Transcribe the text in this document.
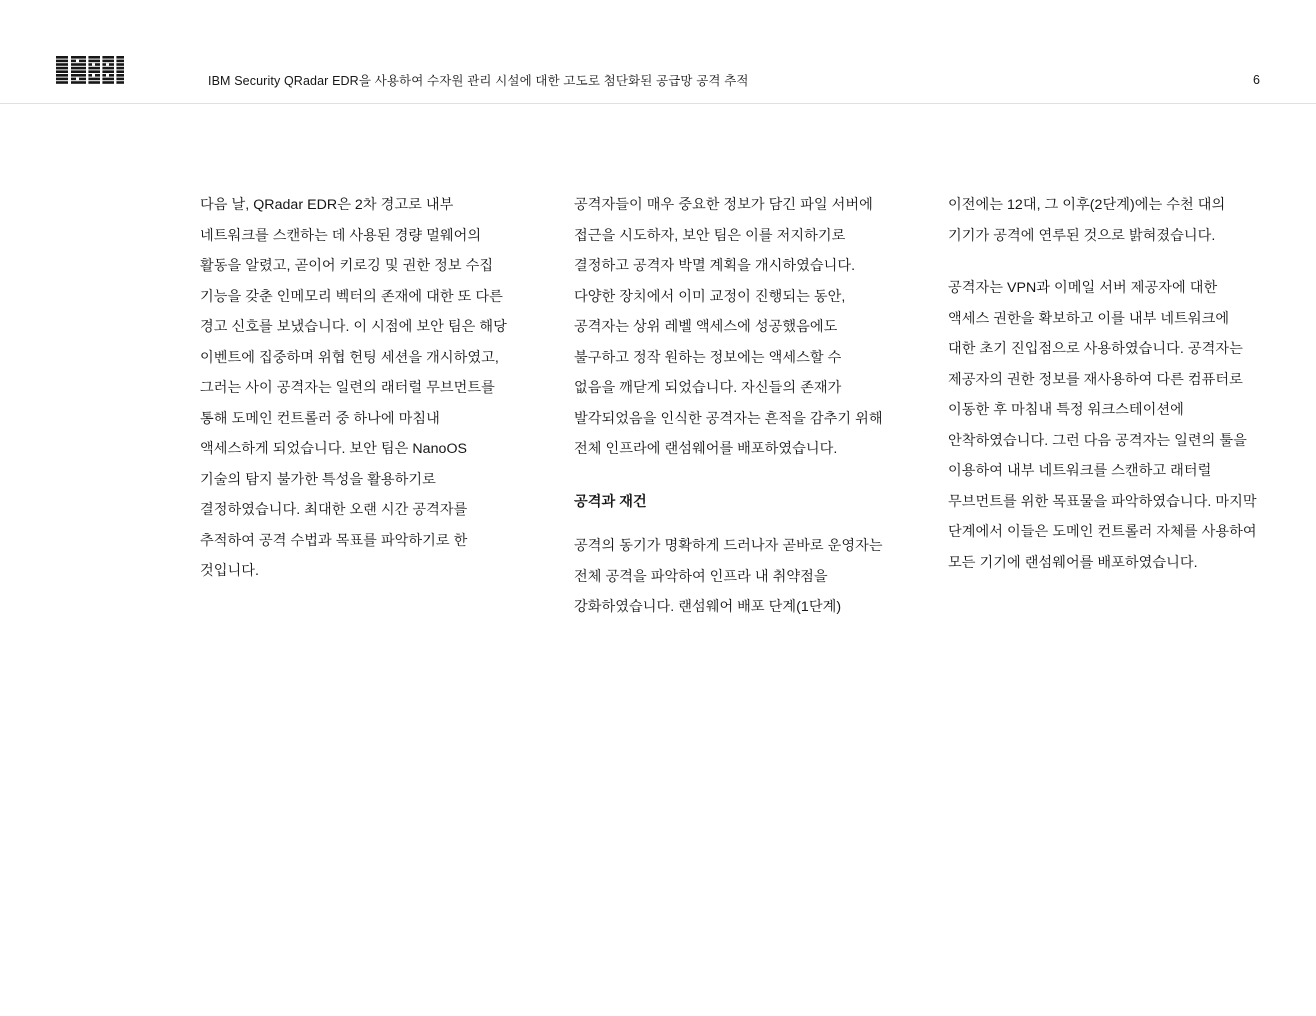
IBM Security QRadar EDR을 사용하여 수자원 관리 시설에 대한 고도로 첨단화된 공급망 공격 추적	6

다음 날, QRadar EDR은 2차 경고로 내부 네트워크를 스캔하는 데 사용된 경량 멀웨어의 활동을 알렸고, 곧이어 키로깅 및 권한 정보 수집 기능을 갖춘 인메모리 벡터의 존재에 대한 또 다른 경고 신호를 보냈습니다. 이 시점에 보안 팀은 해당 이벤트에 집중하며 위협 헌팅 세션을 개시하였고, 그러는 사이 공격자는 일련의 래터럴 무브먼트를 통해 도메인 컨트롤러 중 하나에 마침내 액세스하게 되었습니다. 보안 팀은 NanoOS 기술의 탐지 불가한 특성을 활용하기로 결정하였습니다. 최대한 오랜 시간 공격자를 추적하여 공격 수법과 목표를 파악하기로 한 것입니다.

공격자들이 매우 중요한 정보가 담긴 파일 서버에 접근을 시도하자, 보안 팀은 이를 저지하기로 결정하고 공격자 박멸 계획을 개시하였습니다. 다양한 장치에서 이미 교정이 진행되는 동안, 공격자는 상위 레벨 액세스에 성공했음에도 불구하고 정작 원하는 정보에는 액세스할 수 없음을 깨닫게 되었습니다. 자신들의 존재가 발각되었음을 인식한 공격자는 흔적을 감추기 위해 전체 인프라에 랜섬웨어를 배포하였습니다.

공격과 재건

공격의 동기가 명확하게 드러나자 곧바로 운영자는 전체 공격을 파악하여 인프라 내 취약점을 강화하였습니다. 랜섬웨어 배포 단계(1단계)

이전에는 12대, 그 이후(2단계)에는 수천 대의 기기가 공격에 연루된 것으로 밝혀졌습니다.

공격자는 VPN과 이메일 서버 제공자에 대한 액세스 권한을 확보하고 이를 내부 네트워크에 대한 초기 진입점으로 사용하였습니다. 공격자는 제공자의 권한 정보를 재사용하여 다른 컴퓨터로 이동한 후 마침내 특정 워크스테이션에 안착하였습니다. 그런 다음 공격자는 일련의 툴을 이용하여 내부 네트워크를 스캔하고 래터럴 무브먼트를 위한 목표물을 파악하였습니다. 마지막 단계에서 이들은 도메인 컨트롤러 자체를 사용하여 모든 기기에 랜섬웨어를 배포하였습니다.
